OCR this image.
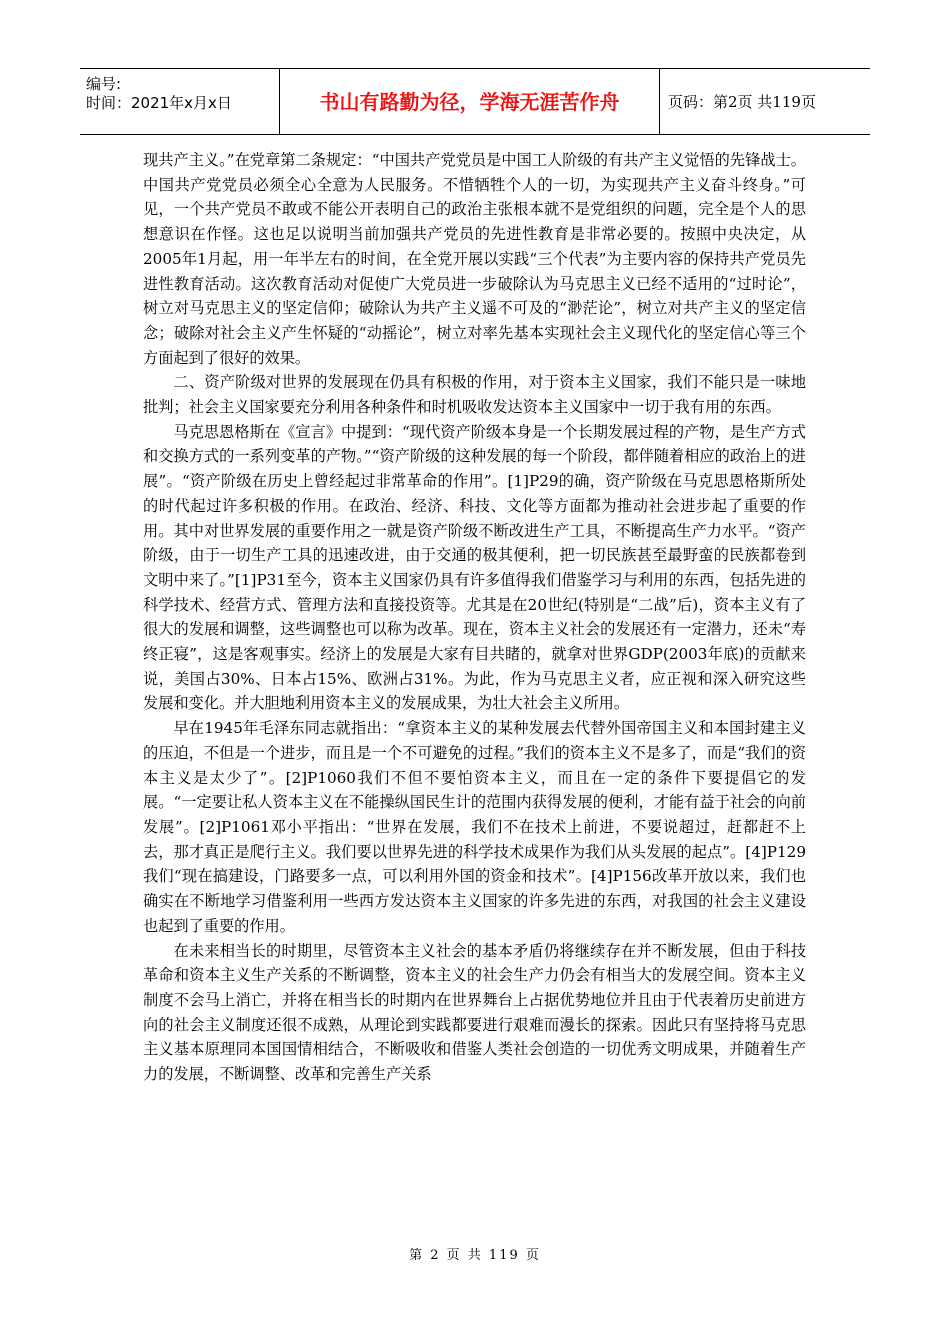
编号:
时间：2021年x月x日	书山有路勤为径，学海无涯苦作舟	页码：第2页 共119页

现共产主义。”在党章第二条规定：“中国共产党党员是中国工人阶级的有共产主义觉悟的先锋战士。中国共产党党员必须全心全意为人民服务。不惜牺牲个人的一切，为实现共产主义奋斗终身。”可见，一个共产党员不敢或不能公开表明自己的政治主张根本就不是党组织的问题，完全是个人的思想意识在作怪。这也足以说明当前加强共产党员的先进性教育是非常必要的。按照中央决定，从2005年1月起，用一年半左右的时间，在全党开展以实践“三个代表”为主要内容的保持共产党员先进性教育活动。这次教育活动对促使广大党员进一步破除认为马克思主义已经不适用的“过时论”，树立对马克思主义的坚定信仰；破除认为共产主义遥不可及的“渺茫论”，树立对共产主义的坚定信念；破除对社会主义产生怀疑的“动摇论”，树立对率先基本实现社会主义现代化的坚定信心等三个方面起到了很好的效果。

二、资产阶级对世界的发展现在仍具有积极的作用，对于资本主义国家，我们不能只是一味地批判；社会主义国家要充分利用各种条件和时机吸收发达资本主义国家中一切于我有用的东西。

马克思恩格斯在《宣言》中提到：“现代资产阶级本身是一个长期发展过程的产物，是生产方式和交换方式的一系列变革的产物。”“资产阶级的这种发展的每一个阶段，都伴随着相应的政治上的进展”。“资产阶级在历史上曾经起过非常革命的作用”。[1]P29的确，资产阶级在马克思恩格斯所处的时代起过许多积极的作用。在政治、经济、科技、文化等方面都为推动社会进步起了重要的作用。其中对世界发展的重要作用之一就是资产阶级不断改进生产工具，不断提高生产力水平。“资产阶级，由于一切生产工具的迅速改进，由于交通的极其便利，把一切民族甚至最野蛮的民族都卷到文明中来了。”[1]P31至今，资本主义国家仍具有许多值得我们借鉴学习与利用的东西，包括先进的科学技术、经营方式、管理方法和直接投资等。尤其是在20世纪(特别是“二战”后)，资本主义有了很大的发展和调整，这些调整也可以称为改革。现在，资本主义社会的发展还有一定潜力，还未“寿终正寝”，这是客观事实。经济上的发展是大家有目共睹的，就拿对世界GDP(2003年底)的贡献来说，美国占30%、日本占15%、欧洲占31%。为此，作为马克思主义者，应正视和深入研究这些发展和变化。并大胆地利用资本主义的发展成果，为壮大社会主义所用。

早在1945年毛泽东同志就指出：“拿资本主义的某种发展去代替外国帝国主义和本国封建主义的压迫，不但是一个进步，而且是一个不可避免的过程。”我们的资本主义不是多了，而是“我们的资本主义是太少了”。[2]P1060我们不但不要怕资本主义，而且在一定的条件下要提倡它的发展。“一定要让私人资本主义在不能操纵国民生计的范围内获得发展的便利，才能有益于社会的向前发展”。[2]P1061邓小平指出：“世界在发展，我们不在技术上前进，不要说超过，赶都赶不上去，那才真正是爬行主义。我们要以世界先进的科学技术成果作为我们从头发展的起点”。[4]P129我们“现在搞建设，门路要多一点，可以利用外国的资金和技术”。[4]P156改革开放以来，我们也确实在不断地学习借鉴利用一些西方发达资本主义国家的许多先进的东西，对我国的社会主义建设也起到了重要的作用。

在未来相当长的时期里，尽管资本主义社会的基本矛盾仍将继续存在并不断发展，但由于科技革命和资本主义生产关系的不断调整，资本主义的社会生产力仍会有相当大的发展空间。资本主义制度不会马上消亡，并将在相当长的时期内在世界舞台上占据优势地位并且由于代表着历史前进方向的社会主义制度还很不成熟，从理论到实践都要进行艰难而漫长的探索。因此只有坚持将马克思主义基本原理同本国国情相结合，不断吸收和借鉴人类社会创造的一切优秀文明成果，并随着生产力的发展，不断调整、改革和完善生产关系

第 2 页 共 119 页
